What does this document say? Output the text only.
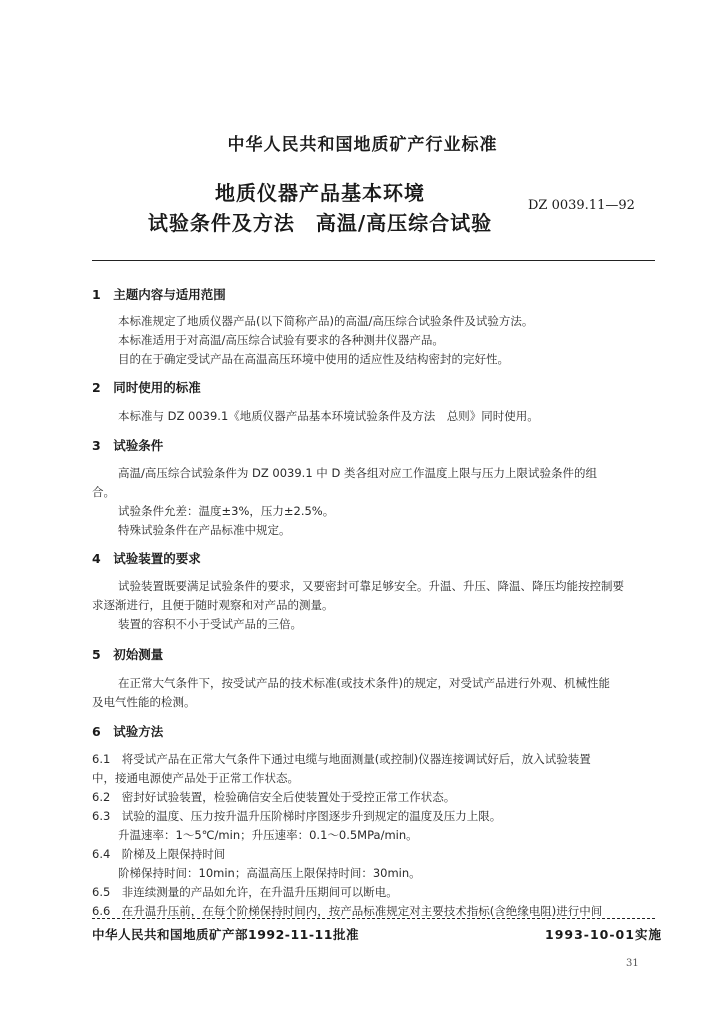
中华人民共和国地质矿产行业标准
地质仪器产品基本环境
试验条件及方法　高温/高压综合试验
DZ 0039.11—92
1　主题内容与适用范围
本标准规定了地质仪器产品(以下简称产品)的高温/高压综合试验条件及试验方法。
本标准适用于对高温/高压综合试验有要求的各种测井仪器产品。
目的在于确定受试产品在高温高压环境中使用的适应性及结构密封的完好性。
2　同时使用的标准
本标准与 DZ 0039.1《地质仪器产品基本环境试验条件及方法　总则》同时使用。
3　试验条件
高温/高压综合试验条件为 DZ 0039.1 中 D 类各组对应工作温度上限与压力上限试验条件的组
合。
试验条件允差：温度±3%，压力±2.5%。
特殊试验条件在产品标准中规定。
4　试验装置的要求
试验装置既要满足试验条件的要求，又要密封可靠足够安全。升温、升压、降温、降压均能按控制要
求逐渐进行，且便于随时观察和对产品的测量。
装置的容积不小于受试产品的三倍。
5　初始测量
在正常大气条件下，按受试产品的技术标准(或技术条件)的规定，对受试产品进行外观、机械性能
及电气性能的检测。
6　试验方法
6.1　将受试产品在正常大气条件下通过电缆与地面测量(或控制)仪器连接调试好后，放入试验装置
中，接通电源使产品处于正常工作状态。
6.2　密封好试验装置，检验确信安全后使装置处于受控正常工作状态。
6.3　试验的温度、压力按升温升压阶梯时序图逐步升到规定的温度及压力上限。
升温速率：1～5℃/min；升压速率：0.1～0.5MPa/min。
6.4　阶梯及上限保持时间
阶梯保持时间：10min；高温高压上限保持时间：30min。
6.5　非连续测量的产品如允许，在升温升压期间可以断电。
6.6　在升温升压前，在每个阶梯保持时间内，按产品标准规定对主要技术指标(含绝缘电阻)进行中间
中华人民共和国地质矿产部1992-11-11批准	1993-10-01实施
31
